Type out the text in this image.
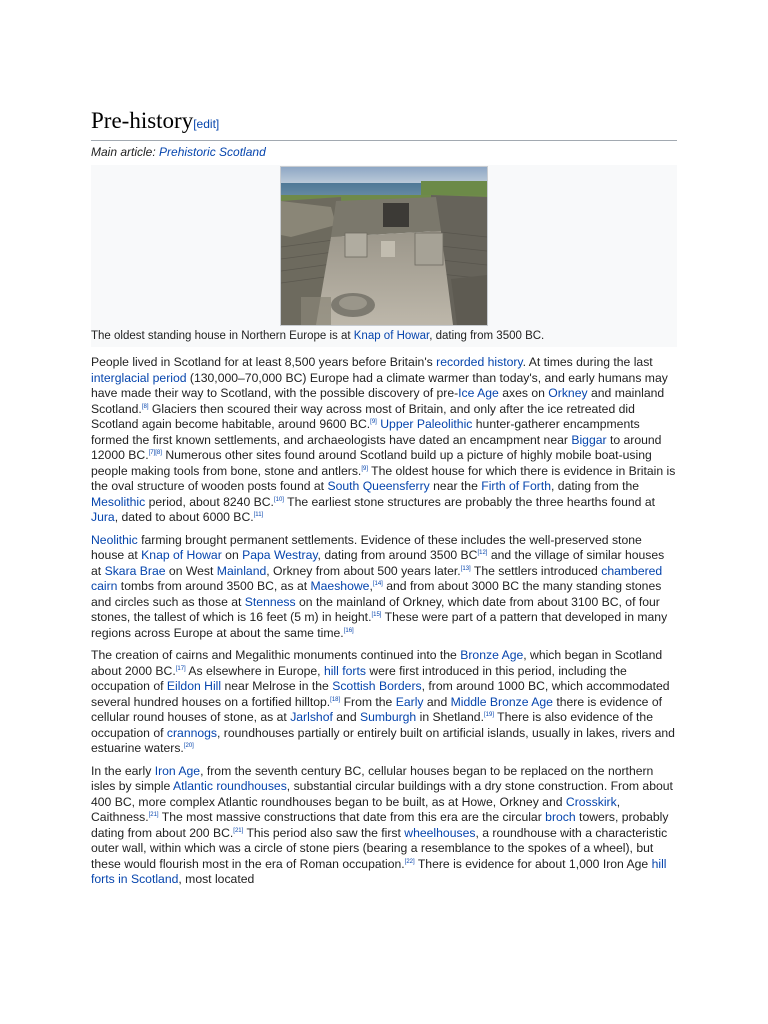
Pre-history[edit]
Main article: Prehistoric Scotland
The oldest standing house in Northern Europe is at Knap of Howar, dating from 3500 BC.

People lived in Scotland for at least 8,500 years before Britain's recorded history. At times during the last interglacial period (130,000–70,000 BC) Europe had a climate warmer than today's, and early humans may have made their way to Scotland, with the possible discovery of pre-Ice Age axes on Orkney and mainland Scotland.[8] Glaciers then scoured their way across most of Britain, and only after the ice retreated did Scotland again become habitable, around 9600 BC.[9] Upper Paleolithic hunter-gatherer encampments formed the first known settlements, and archaeologists have dated an encampment near Biggar to around 12000 BC.[7][8] Numerous other sites found around Scotland build up a picture of highly mobile boat-using people making tools from bone, stone and antlers.[9] The oldest house for which there is evidence in Britain is the oval structure of wooden posts found at South Queensferry near the Firth of Forth, dating from the Mesolithic period, about 8240 BC.[10] The earliest stone structures are probably the three hearths found at Jura, dated to about 6000 BC.[11]

Neolithic farming brought permanent settlements. Evidence of these includes the well-preserved stone house at Knap of Howar on Papa Westray, dating from around 3500 BC[12] and the village of similar houses at Skara Brae on West Mainland, Orkney from about 500 years later.[13] The settlers introduced chambered cairn tombs from around 3500 BC, as at Maeshowe,[14] and from about 3000 BC the many standing stones and circles such as those at Stenness on the mainland of Orkney, which date from about 3100 BC, of four stones, the tallest of which is 16 feet (5 m) in height.[15] These were part of a pattern that developed in many regions across Europe at about the same time.[16]

The creation of cairns and Megalithic monuments continued into the Bronze Age, which began in Scotland about 2000 BC.[17] As elsewhere in Europe, hill forts were first introduced in this period, including the occupation of Eildon Hill near Melrose in the Scottish Borders, from around 1000 BC, which accommodated several hundred houses on a fortified hilltop.[18] From the Early and Middle Bronze Age there is evidence of cellular round houses of stone, as at Jarlshof and Sumburgh in Shetland.[19] There is also evidence of the occupation of crannogs, roundhouses partially or entirely built on artificial islands, usually in lakes, rivers and estuarine waters.[20]

In the early Iron Age, from the seventh century BC, cellular houses began to be replaced on the northern isles by simple Atlantic roundhouses, substantial circular buildings with a dry stone construction. From about 400 BC, more complex Atlantic roundhouses began to be built, as at Howe, Orkney and Crosskirk, Caithness.[21] The most massive constructions that date from this era are the circular broch towers, probably dating from about 200 BC.[21] This period also saw the first wheelhouses, a roundhouse with a characteristic outer wall, within which was a circle of stone piers (bearing a resemblance to the spokes of a wheel), but these would flourish most in the era of Roman occupation.[22] There is evidence for about 1,000 Iron Age hill forts in Scotland, most located
